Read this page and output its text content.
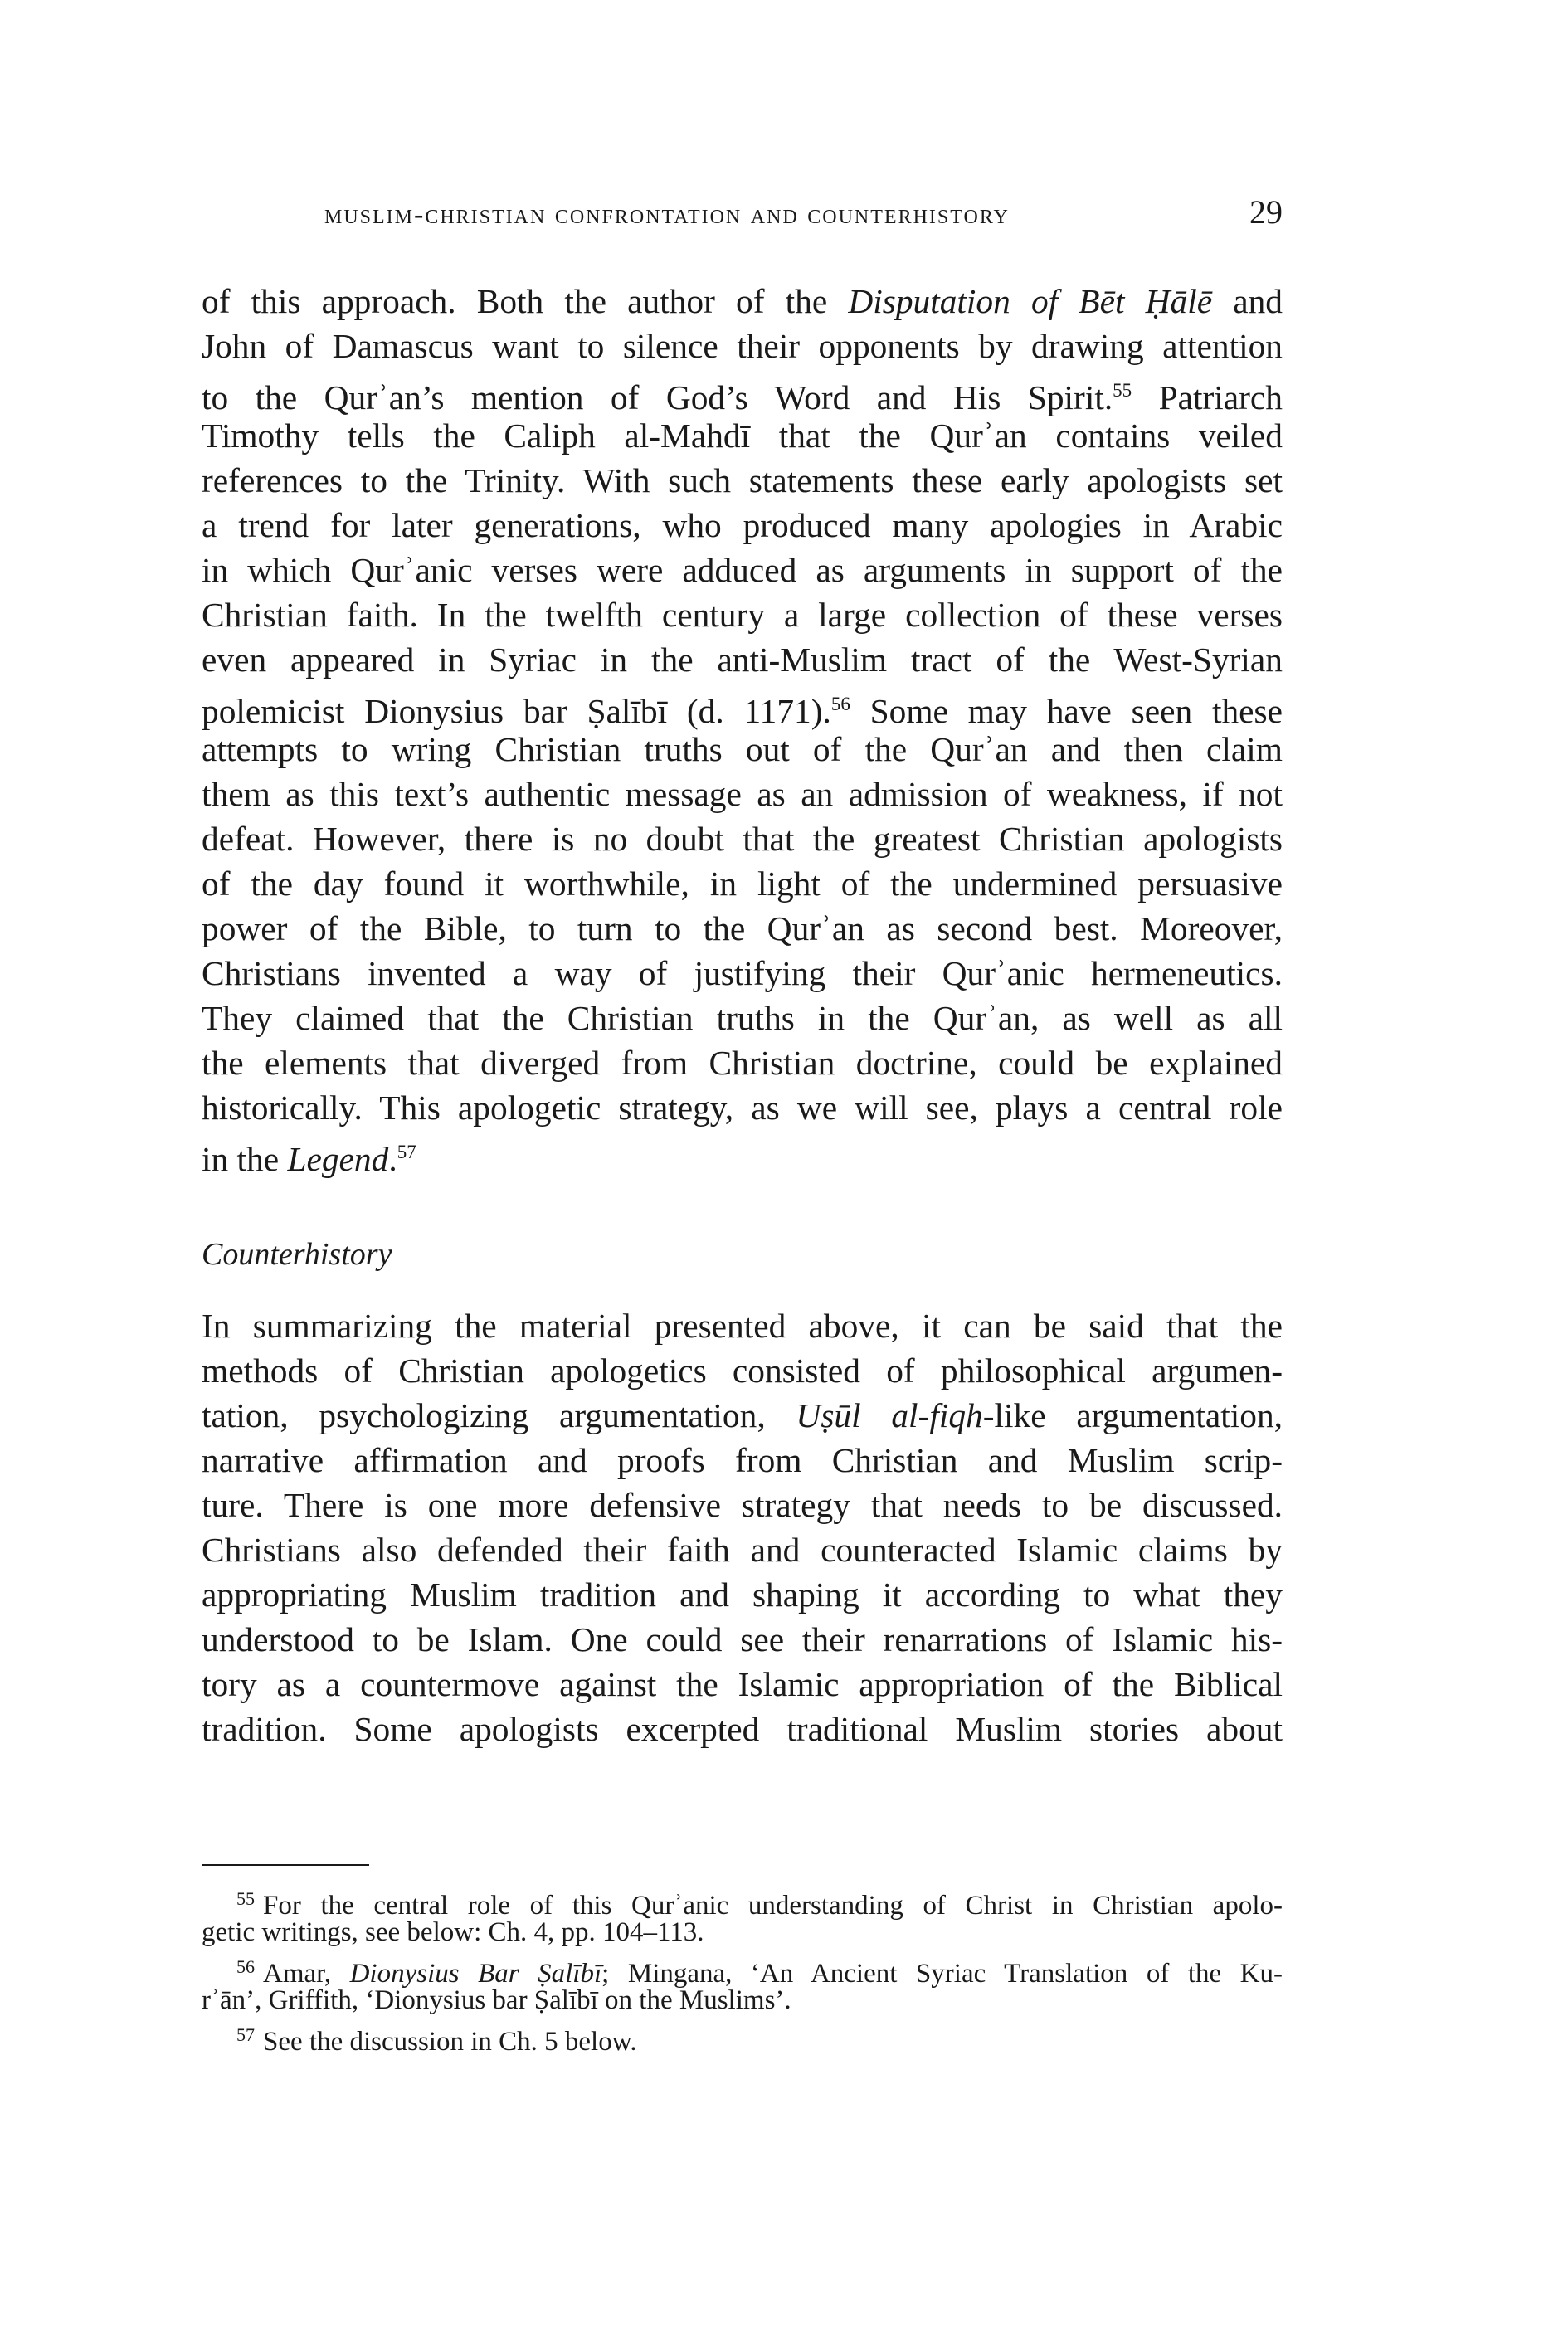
muslim-christian confrontation and counterhistory	29
of this approach. Both the author of the Disputation of Bēt Ḥālē and
John of Damascus want to silence their opponents by drawing attention
to the Qurʾan’s mention of God’s Word and His Spirit.$^{55}$ Patriarch
Timothy tells the Caliph al-Mahdī that the Qurʾan contains veiled
references to the Trinity. With such statements these early apologists set
a trend for later generations, who produced many apologies in Arabic
in which Qurʾanic verses were adduced as arguments in support of the
Christian faith. In the twelfth century a large collection of these verses
even appeared in Syriac in the anti-Muslim tract of the West-Syrian
polemicist Dionysius bar Ṣalībī (d. 1171).$^{56}$ Some may have seen these
attempts to wring Christian truths out of the Qurʾan and then claim
them as this text’s authentic message as an admission of weakness, if not
defeat. However, there is no doubt that the greatest Christian apologists
of the day found it worthwhile, in light of the undermined persuasive
power of the Bible, to turn to the Qurʾan as second best. Moreover,
Christians invented a way of justifying their Qurʾanic hermeneutics.
They claimed that the Christian truths in the Qurʾan, as well as all
the elements that diverged from Christian doctrine, could be explained
historically. This apologetic strategy, as we will see, plays a central role
in the Legend.$^{57}$
Counterhistory
In summarizing the material presented above, it can be said that the
methods of Christian apologetics consisted of philosophical argumen-
tation, psychologizing argumentation, Uṣūl al-fiqh-like argumentation,
narrative affirmation and proofs from Christian and Muslim scrip-
ture. There is one more defensive strategy that needs to be discussed.
Christians also defended their faith and counteracted Islamic claims by
appropriating Muslim tradition and shaping it according to what they
understood to be Islam. One could see their renarrations of Islamic his-
tory as a countermove against the Islamic appropriation of the Biblical
tradition. Some apologists excerpted traditional Muslim stories about
$^{55}$ For the central role of this Qurʾanic understanding of Christ in Christian apolo-
getic writings, see below: Ch. 4, pp. 104–113.
$^{56}$ Amar, Dionysius Bar Ṣalībī; Mingana, ‘An Ancient Syriac Translation of the Ku-
rʾān’, Griffith, ‘Dionysius bar Ṣalībī on the Muslims’.
$^{57}$ See the discussion in Ch. 5 below.
